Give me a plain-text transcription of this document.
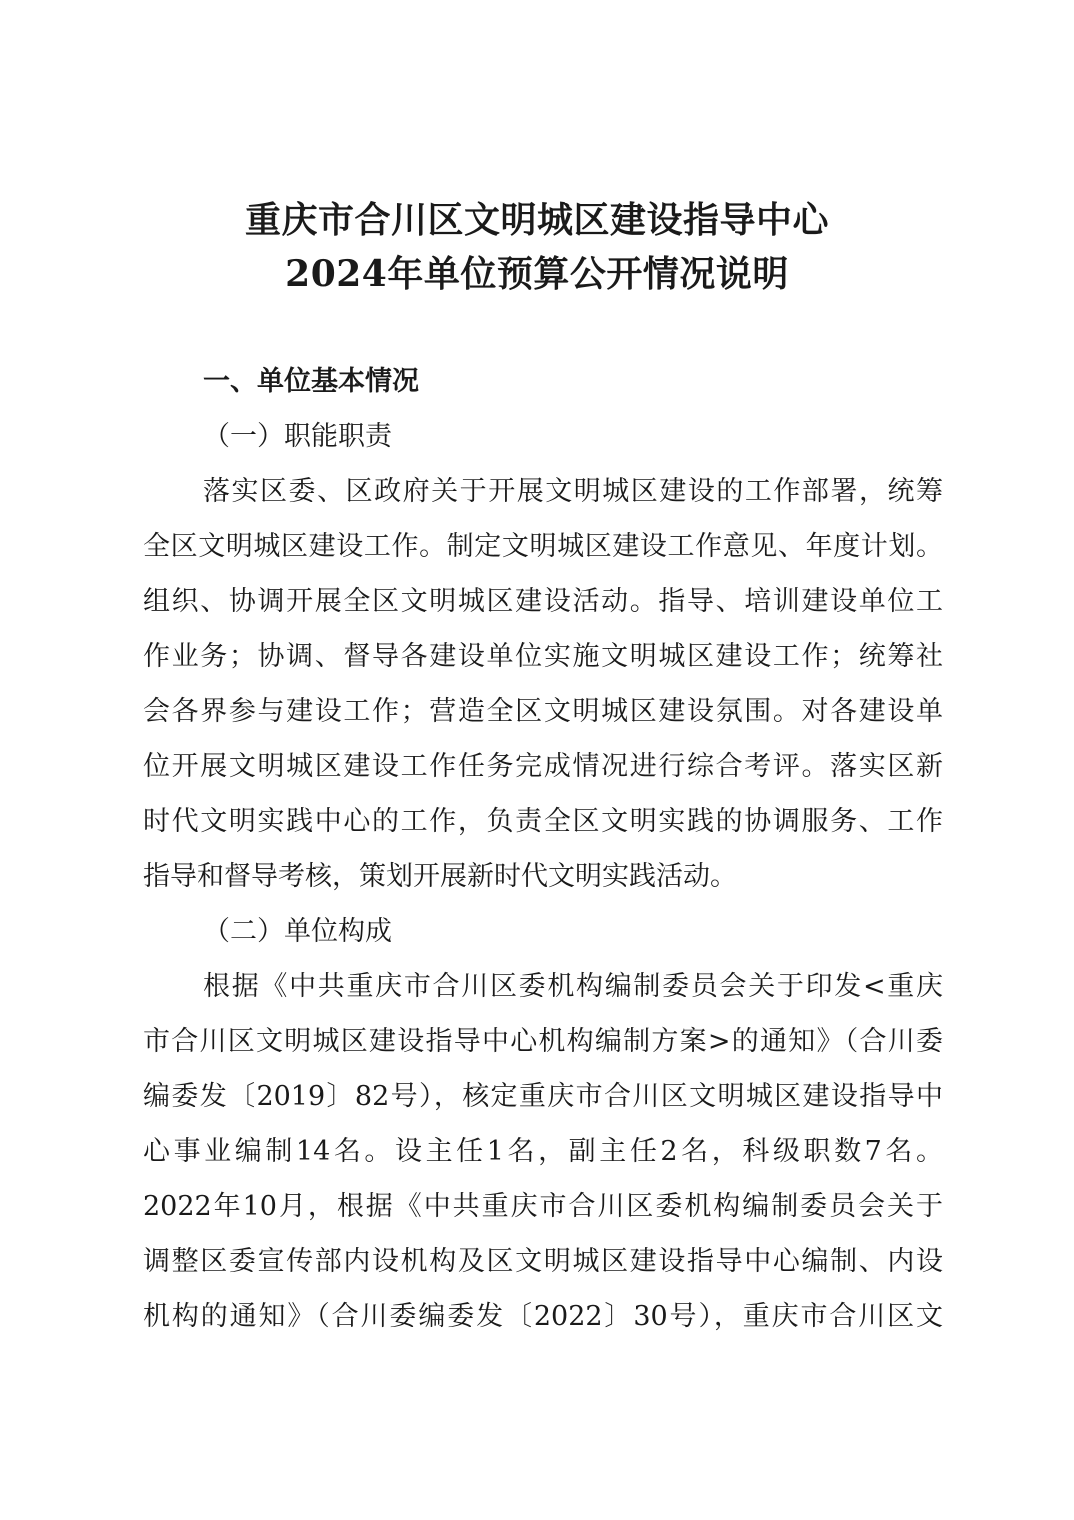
重庆市合川区文明城区建设指导中心
2024年单位预算公开情况说明
一、单位基本情况
（一）职能职责
落实区委、区政府关于开展文明城区建设的工作部署，统筹
全区文明城区建设工作。制定文明城区建设工作意见、年度计划。
组织、协调开展全区文明城区建设活动。指导、培训建设单位工
作业务；协调、督导各建设单位实施文明城区建设工作；统筹社
会各界参与建设工作；营造全区文明城区建设氛围。对各建设单
位开展文明城区建设工作任务完成情况进行综合考评。落实区新
时代文明实践中心的工作，负责全区文明实践的协调服务、工作
指导和督导考核，策划开展新时代文明实践活动。
（二）单位构成
根据《中共重庆市合川区委机构编制委员会关于印发<重庆
市合川区文明城区建设指导中心机构编制方案>的通知》（合川委
编委发〔2019〕82号），核定重庆市合川区文明城区建设指导中
心事业编制14名。设主任1名，副主任2名，科级职数7名。
2022年10月，根据《中共重庆市合川区委机构编制委员会关于
调整区委宣传部内设机构及区文明城区建设指导中心编制、内设
机构的通知》（合川委编委发〔2022〕30号），重庆市合川区文
